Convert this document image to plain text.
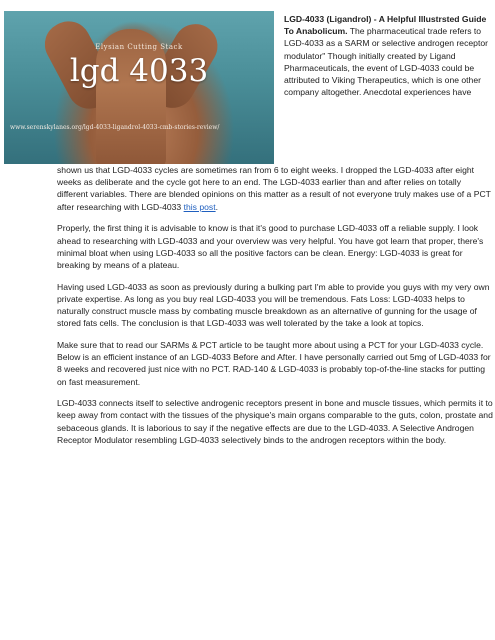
Elysian Cutting Stack
lgd 4033
www.serenskylanes.org/lgd-4033-ligandrol-4033-cmb-stories-review/
LGD-4033 (Ligandrol) - A Helpful Illustrsted Guide To Anabolicum. The pharmaceutical trade refers to LGD-4033 as a SARM or selective androgen receptor modulator" Though initially created by Ligand Pharmaceuticals, the event of LGD-4033 could be attributed to Viking Therapeutics, which is one other company altogether. Anecdotal experiences have

shown us that LGD-4033 cycles are sometimes ran from 6 to eight weeks. I dropped the LGD-4033 after eight weeks as deliberate and the cycle got here to an end. The LGD-4033 earlier than and after relies on totally different variables. There are blended opinions on this matter as a result of not everyone truly makes use of a PCT after researching with LGD-4033 this post.

Properly, the first thing it is advisable to know is that it's good to purchase LGD-4033 off a reliable supply. I look ahead to researching with LGD-4033 and your overview was very helpful. You have got learn that proper, there's minimal bloat when using LGD-4033 so all the positive factors can be clean. Energy: LGD-4033 is great for breaking by means of a plateau.

Having used LGD-4033 as soon as previously during a bulking part I'm able to provide you guys with my very own private expertise. As long as you buy real LGD-4033 you will be tremendous. Fats Loss: LGD-4033 helps to naturally construct muscle mass by combating muscle breakdown as an alternative of gunning for the usage of stored fats cells. The conclusion is that LGD-4033 was well tolerated by the take a look at topics.

Make sure that to read our SARMs & PCT article to be taught more about using a PCT for your LGD-4033 cycle. Below is an efficient instance of an LGD-4033 Before and After. I have personally carried out 5mg of LGD-4033 for 8 weeks and recovered just nice with no PCT. RAD-140 & LGD-4033 is probably top-of-the-line stacks for putting on fast measurement.

LGD-4033 connects itself to selective androgenic receptors present in bone and muscle tissues, which permits it to keep away from contact with the tissues of the physique's main organs comparable to the guts, colon, prostate and sebaceous glands. It is laborious to say if the negative effects are due to the LGD-4033. A Selective Androgen Receptor Modulator resembling LGD-4033 selectively binds to the androgen receptors within the body.
